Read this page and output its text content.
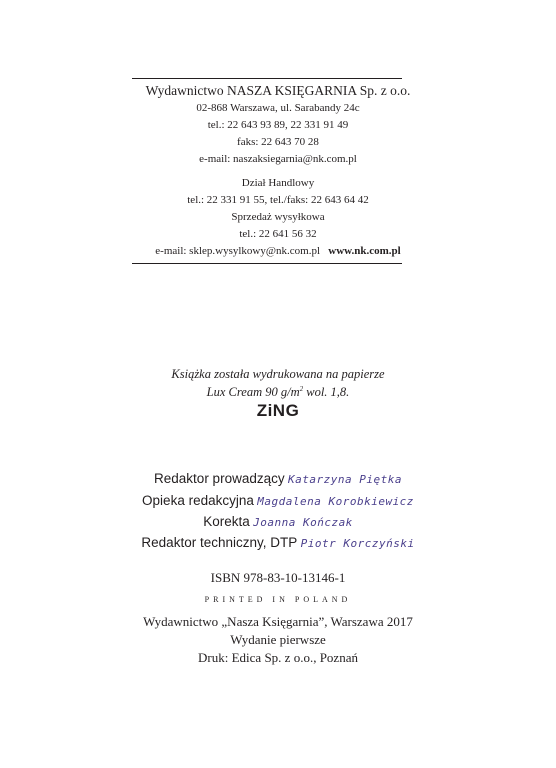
Wydawnictwo NASZA KSIĘGARNIA Sp. z o.o.
02-868 Warszawa, ul. Sarabandy 24c
tel.: 22 643 93 89, 22 331 91 49
faks: 22 643 70 28
e-mail: naszaksiegarnia@nk.com.pl
Dział Handlowy
tel.: 22 331 91 55, tel./faks: 22 643 64 42
Sprzedaż wysyłkowa
tel.: 22 641 56 32
e-mail: sklep.wysylkowy@nk.com.pl www.nk.com.pl
Książka została wydrukowana na papierze
Lux Cream 90 $g/m^2$ wol. 1,8.
ZiNG
Redaktor prowadzący Katarzyna Piętka
Opieka redakcyjna Magdalena Korobkiewicz
Korekta Joanna Kończak
Redaktor techniczny, DTP Piotr Korczyński
ISBN 978-83-10-13146-1
PRINTED IN POLAND
Wydawnictwo „Nasza Księgarnia”, Warszawa 2017
Wydanie pierwsze
Druk: Edica Sp. z o.o., Poznań
